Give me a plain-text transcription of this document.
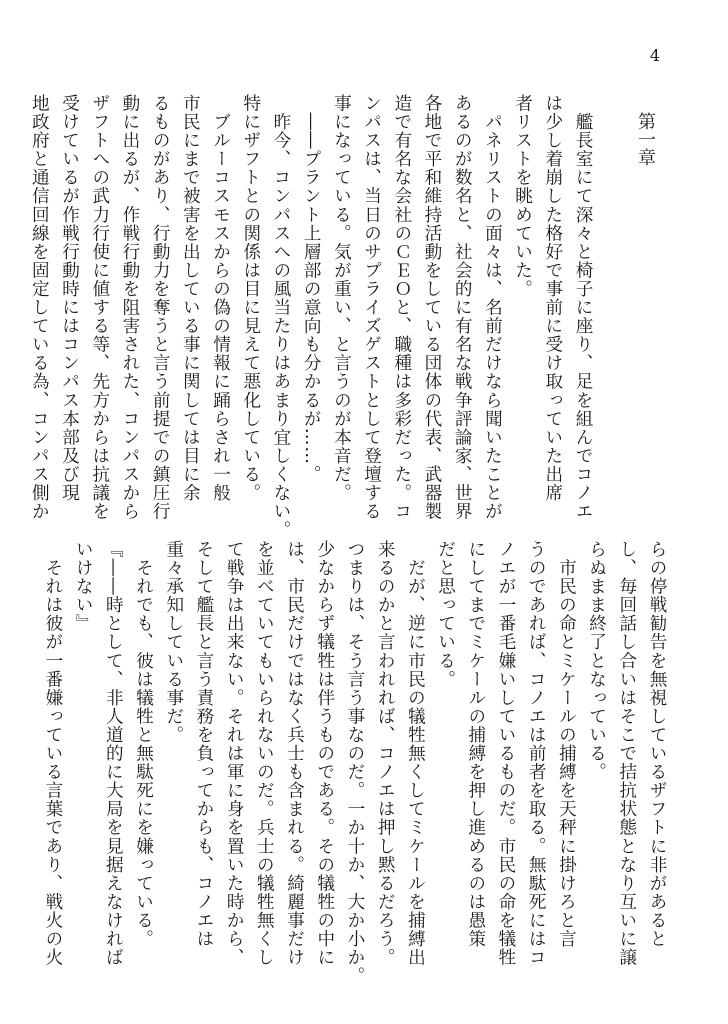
4
第一章

　艦長室にて深々と椅子に座り、足を組んでコノエ

は少し着崩した格好で事前に受け取っていた出席

者リストを眺めていた。

　パネリストの面々は、名前だけなら聞いたことが

あるのが数名と、社会的に有名な戦争評論家、世界

各地で平和維持活動をしている団体の代表、武器製

造で有名な会社のＣＥＯと、職種は多彩だった。コ

ンパスは、当日のサプライズゲストとして登壇する

事になっている。気が重い、と言うのが本音だ。

　――プラント上層部の意向も分かるが……。

　昨今、コンパスへの風当たりはあまり宜しくない。

特にザフトとの関係は目に見えて悪化している。

　ブルーコスモスからの偽の情報に踊らされ一般

市民にまで被害を出している事に関しては目に余

るものがあり、行動力を奪うと言う前提での鎮圧行

動に出るが、作戦行動を阻害された、コンパスから

ザフトへの武力行使に値する等、先方からは抗議を

受けているが作戦行動時にはコンパス本部及び現

地政府と通信回線を固定している為、コンパス側か

らの停戦勧告を無視しているザフトに非があると

し、毎回話し合いはそこで拮抗状態となり互いに譲

らぬまま終了となっている。

　市民の命とミケールの捕縛を天秤に掛けろと言

うのであれば、コノエは前者を取る。無駄死にはコ

ノエが一番毛嫌いしているものだ。市民の命を犠牲

にしてまでミケールの捕縛を押し進めるのは愚策

だと思っている。

　だが、逆に市民の犠牲無くしてミケールを捕縛出

来るのかと言われれば、コノエは押し黙るだろう。

つまりは、そう言う事なのだ。一か十か、大か小か。

少なからず犠牲は伴うものである。その犠牲の中に

は、市民だけではなく兵士も含まれる。綺麗事だけ

を並べていてもいられないのだ。兵士の犠牲無くし

て戦争は出来ない。それは軍に身を置いた時から、

そして艦長と言う責務を負ってからも、コノエは

重々承知している事だ。

　それでも、彼は犠牲と無駄死にを嫌っている。

『――時として、非人道的に大局を見据えなければ

いけない』

　それは彼が一番嫌っている言葉であり、戦火の火
